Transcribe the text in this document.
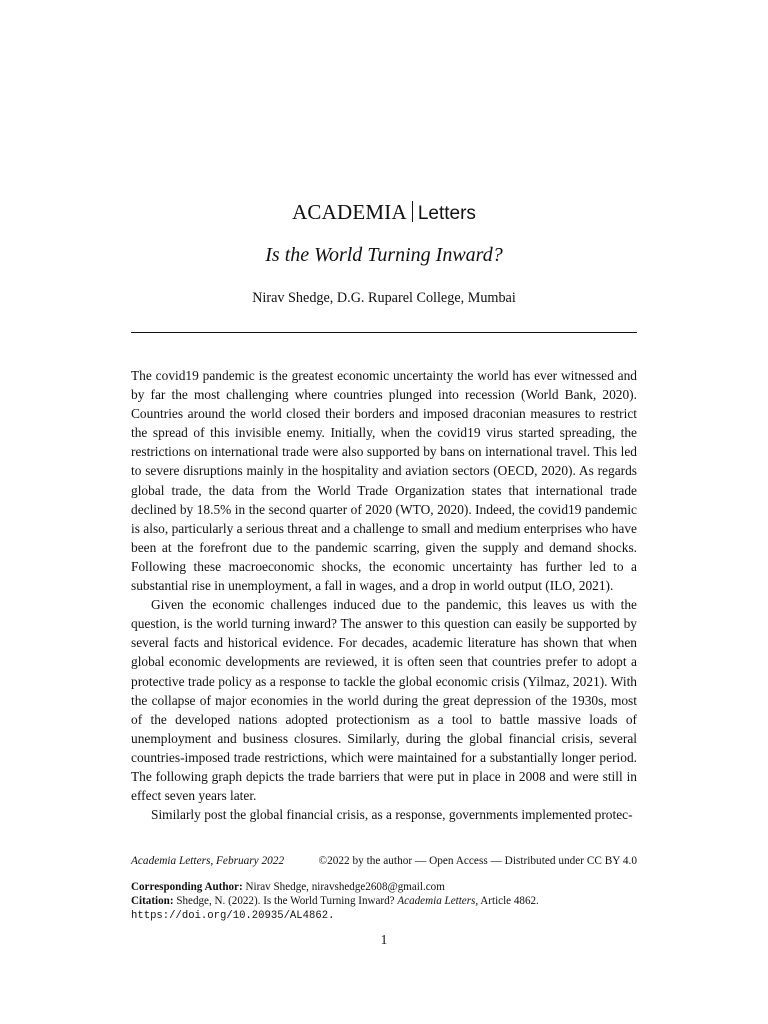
ACADEMIA Letters
Is the World Turning Inward?
Nirav Shedge, D.G. Ruparel College, Mumbai

The covid19 pandemic is the greatest economic uncertainty the world has ever witnessed and by far the most challenging where countries plunged into recession (World Bank, 2020). Countries around the world closed their borders and imposed draconian measures to restrict the spread of this invisible enemy. Initially, when the covid19 virus started spreading, the restrictions on international trade were also supported by bans on international travel. This led to severe disruptions mainly in the hospitality and aviation sectors (OECD, 2020). As regards global trade, the data from the World Trade Organization states that international trade declined by 18.5% in the second quarter of 2020 (WTO, 2020). Indeed, the covid19 pandemic is also, particularly a serious threat and a challenge to small and medium enterprises who have been at the forefront due to the pandemic scarring, given the supply and demand shocks. Following these macroeconomic shocks, the economic uncertainty has further led to a substantial rise in unemployment, a fall in wages, and a drop in world output (ILO, 2021).

Given the economic challenges induced due to the pandemic, this leaves us with the question, is the world turning inward? The answer to this question can easily be supported by several facts and historical evidence. For decades, academic literature has shown that when global economic developments are reviewed, it is often seen that countries prefer to adopt a protective trade policy as a response to tackle the global economic crisis (Yilmaz, 2021). With the collapse of major economies in the world during the great depression of the 1930s, most of the developed nations adopted protectionism as a tool to battle massive loads of unemployment and business closures. Similarly, during the global financial crisis, several countries-imposed trade restrictions, which were maintained for a substantially longer period. The following graph depicts the trade barriers that were put in place in 2008 and were still in effect seven years later.

Similarly post the global financial crisis, as a response, governments implemented protec-

Academia Letters, February 2022	©2022 by the author — Open Access — Distributed under CC BY 4.0
Corresponding Author: Nirav Shedge, niravshedge2608@gmail.com
Citation: Shedge, N. (2022). Is the World Turning Inward? Academia Letters, Article 4862.
https://doi.org/10.20935/AL4862.
1
